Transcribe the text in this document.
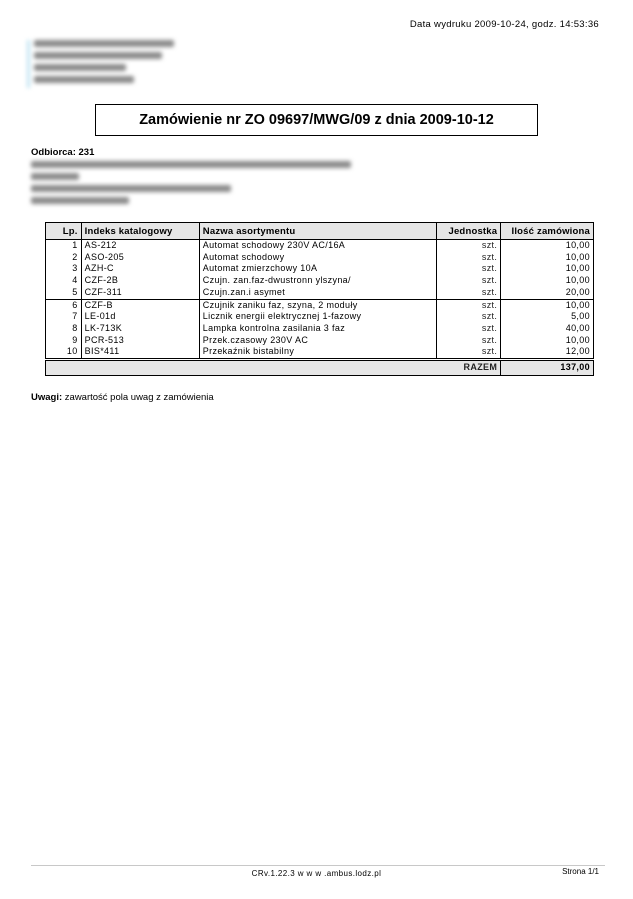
Data wydruku 2009-10-24, godz. 14:53:36
Zamówienie nr ZO 09697/MWG/09 z dnia 2009-10-12
Odbiorca: 231
Lp.	Indeks katalogowy	Nazwa asortymentu	Jednostka	Ilość zamówiona
1	AS-212	Automat schodowy 230V AC/16A	szt.	10,00
2	ASO-205	Automat schodowy	szt.	10,00
3	AZH-C	Automat zmierzchowy 10A	szt.	10,00
4	CZF-2B	Czujn. zan.faz-dwustronn ylszyna/	szt.	10,00
5	CZF-311	Czujn.zan.i asymet	szt.	20,00
6	CZF-B	Czujnik zaniku faz, szyna, 2 moduły	szt.	10,00
7	LE-01d	Licznik energii elektrycznej 1-fazowy	szt.	5,00
8	LK-713K	Lampka kontrolna zasilania 3 faz	szt.	40,00
9	PCR-513	Przek.czasowy 230V AC	szt.	10,00
10	BIS*411	Przekaźnik bistabilny	szt.	12,00
			RAZEM	137,00
Uwagi: zawartość pola uwag z zamówienia
CRv.1.22.3 w w w .ambus.lodz.pl	Strona 1/1
